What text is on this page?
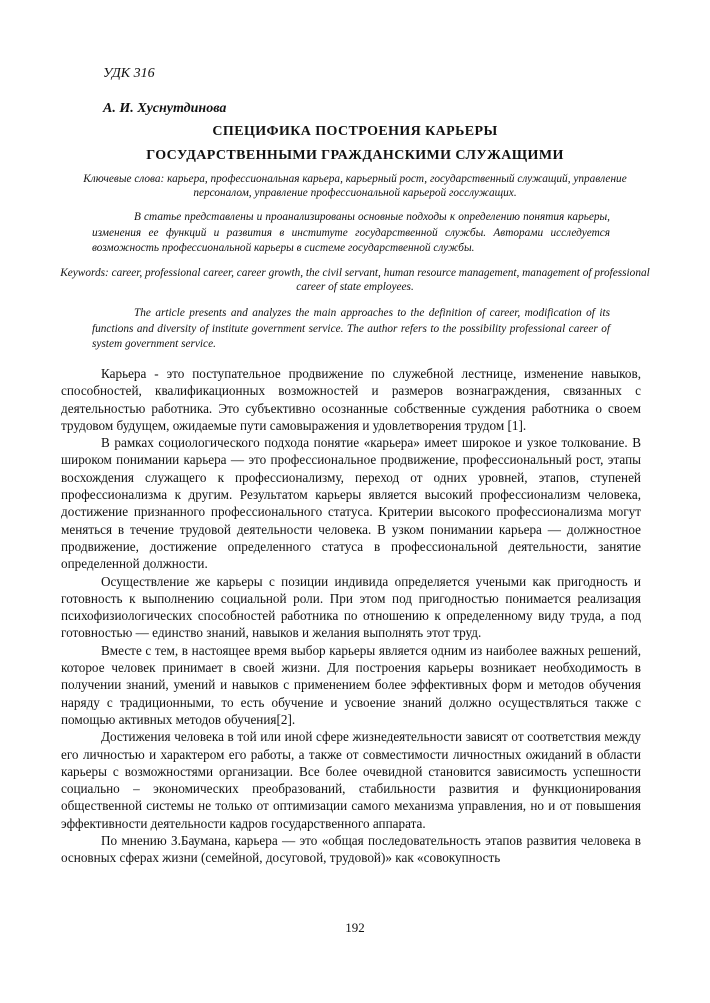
УДК 316

А. И. Хуснутдинова

СПЕЦИФИКА ПОСТРОЕНИЯ КАРЬЕРЫ

ГОСУДАРСТВЕННЫМИ ГРАЖДАНСКИМИ СЛУЖАЩИМИ

Ключевые слова: карьера, профессиональная карьера, карьерный рост, государственный служащий, управление персоналом, управление профессиональной карьерой госслужащих.

В статье представлены и проанализированы основные подходы к определению понятия карьеры, изменения ее функций и развития в институте государственной службы. Авторами исследуется возможность профессиональной карьеры в системе государственной службы.

Keywords: career, professional career, career growth, the civil servant, human resource management, management of professional career of state employees.

The article presents and analyzes the main approaches to the definition of career, modification of its functions and diversity of institute government service. The author refers to the possibility professional career of system government service.

Карьера - это поступательное продвижение по служебной лестнице, изменение навыков, способностей, квалификационных возможностей и размеров вознаграждения, связанных с деятельностью работника. Это субъективно осознанные собственные суждения работника о своем трудовом будущем, ожидаемые пути самовыражения и удовлетворения трудом [1].

В рамках социологического подхода понятие «карьера» имеет широкое и узкое толкование. В широком понимании карьера — это профессиональное продвижение, профессиональный рост, этапы восхождения служащего к профессионализму, переход от одних уровней, этапов, ступеней профессионализма к другим. Результатом карьеры является высокий профессионализм человека, достижение признанного профессионального статуса. Критерии высокого профессионализма могут меняться в течение трудовой деятельности человека. В узком понимании карьера — должностное продвижение, достижение определенного статуса в профессиональной деятельности, занятие определенной должности.

Осуществление же карьеры с позиции индивида определяется учеными как пригодность и готовность к выполнению социальной роли. При этом под пригодностью понимается реализация психофизиологических способностей работника по отношению к определенному виду труда, а под готовностью — единство знаний, навыков и желания выполнять этот труд.

Вместе с тем, в настоящее время выбор карьеры является одним из наиболее важных решений, которое человек принимает в своей жизни. Для построения карьеры возникает необходимость в получении знаний, умений и навыков с применением более эффективных форм и методов обучения наряду с традиционными, то есть обучение и усвоение знаний должно осуществляться также с помощью активных методов обучения[2].

Достижения человека в той или иной сфере жизнедеятельности зависят от соответствия между его личностью и характером его работы, а также от совместимости личностных ожиданий в области карьеры с возможностями организации. Все более очевидной становится зависимость успешности социально – экономических преобразований, стабильности развития и функционирования общественной системы не только от оптимизации самого механизма управления, но и от повышения эффективности деятельности кадров государственного аппарата.

По мнению З.Баумана, карьера — это «общая последовательность этапов развития человека в основных сферах жизни (семейной, досуговой, трудовой)» как «совокупность

192
